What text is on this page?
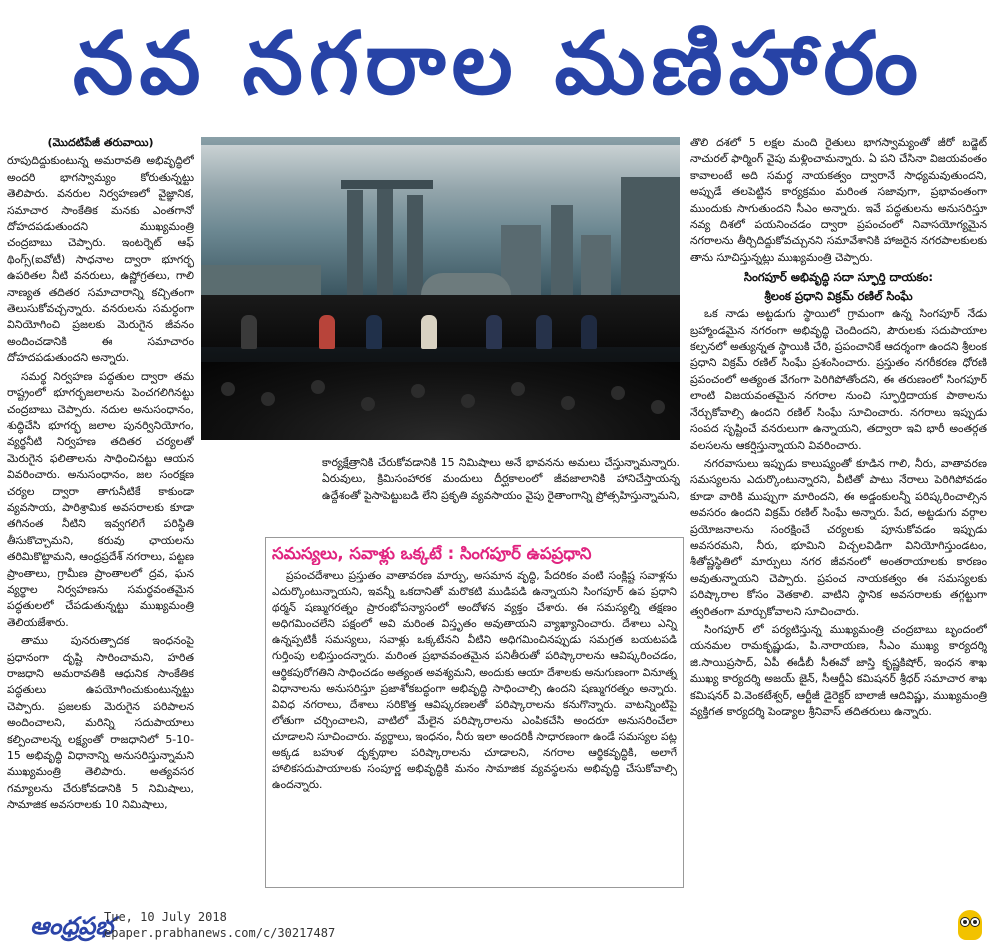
నవ నగరాల మణిహారం
(మొదటిపేజీ తరువాయి)

రూపుదిద్దుకుంటున్న అమరావతి అభివృద్ధిలో అందరి భాగస్వామ్యం కోరుతున్నట్టు తెలిపారు. వనరుల నిర్వహణలో వైజ్ఞానిక, సమాచార సాంకేతిక మనకు ఎంతగానో దోహదపడుతుందని ముఖ్యమంత్రి చంద్రబాబు చెప్పారు. ఇంటర్నెట్ ఆఫ్ థింగ్స్(ఐవోటీ) సాధనాల ద్వారా భూగర్భ ఉపరితల నీటి వనరులు, ఉష్ణోగ్రతలు, గాలి నాణ్యత తదితర సమాచారాన్ని కచ్చితంగా తెలుసుకోవచ్చన్నారు. వనరులను సమర్ధంగా వినియోగించి ప్రజలకు మెరుగైన జీవనం అందించడానికి ఈ సమాచారం దోహదపడుతుందని అన్నారు.

సమర్థ నిర్వహణ పద్ధతుల ద్వారా తమ రాష్ట్రంలో భూగర్భజలాలను పెంచగలిగినట్టు చంద్రబాబు చెప్పారు. నదుల అనుసంధానం, శుద్ధిచేసి భూగర్భ జలాల పునర్వినియోగం, వ్యర్థనీటి నిర్వహణ తదితర చర్యలతో మెరుగైన ఫలితాలను సాధించినట్టు ఆయన వివరించారు. అనుసంధానం, జల సంరక్షణ చర్యల ద్వారా తాగునీటికే కాకుండా వ్యవసాయ, పారిశ్రామిక అవసరాలకు కూడా తగినంత నీటిని ఇవ్వగలిగే పరిస్థితి తీసుకొచ్చామని, కరువు ఛాయలను తరిమికొట్టామని, ఆంధ్రప్రదేశ్ నగరాలు, పట్టణ ప్రాంతాలు, గ్రామీణ ప్రాంతాలలో ద్రవ, ఘన వ్యర్థాల నిర్వహణను సమర్థవంతమైన పద్ధతులలో చేపడుతున్నట్టు ముఖ్యమంత్రి తెలియజేశారు.

తాము పునరుత్పాదక ఇంధనంపై ప్రధానంగా దృష్టి సారించామని, హరిత రాజధాని అమరావతికి ఆధునిక సాంకేతిక పద్ధతులు ఉపయోగించుకుంటున్నట్టు చెప్పారు. ప్రజలకు మెరుగైన పరిపాలన అందించాలని, మరిన్ని సదుపాయాలు కల్పించాలన్న లక్ష్యంతో రాజధానిలో 5-10-15 అభివృద్ధి విధానాన్ని అనుసరిస్తున్నామని ముఖ్యమంత్రి తెలిపారు. అత్యవసర గమ్యాలను చేరుకోవడానికి 5 నిమిషాలు, సామాజిక అవసరాలకు 10 నిమిషాలు,

కార్యక్షేత్రానికి చేరుకోవడానికి 15 నిమిషాలు అనే భావనను అమలు చేస్తున్నామన్నారు. ఏరువులు, క్రిమిసంహారక మందులు దీర్ఘకాలంలో జీవజాలానికి హానిచేస్తాయన్న ఉద్దేశంతో పైసాపెట్టుబడి లేని ప్రకృతి వ్యవసాయం వైపు రైతాంగాన్ని ప్రోత్సహిస్తున్నామని,

సమస్యలు, సవాళ్లు ఒక్కటే : సింగపూర్ ఉపప్రధాని

ప్రపంచదేశాలు ప్రస్తుతం వాతావరణ మార్పు, అసమాన వృద్ధి, పేదరికం వంటి సంక్లిష్ట సవాళ్లను ఎదుర్కొంటున్నాయని, ఇవన్నీ ఒకదానితో మరొకటి ముడిపడి ఉన్నాయని సింగపూర్ ఉప ప్రధాని థర్మన్ షణ్ముగరత్నం ప్రారంభోపన్యాసంలో అందోళన వ్యక్తం చేశారు. ఈ సమస్యల్ని తక్షణం అధిగమించలేని పక్షంలో అవి మరింత విస్తృతం అవుతాయని వ్యాఖ్యానించారు. దేశాలు ఎన్ని ఉన్నప్పటికీ సమస్యలు, సవాళ్లు ఒక్కటేనని వీటిని అధిగమించినప్పుడు సమగ్రత బయటపడి గుర్తింపు లభిస్తుందన్నారు. మరింత ప్రభావవంతమైన పనితీరుతో పరిష్కారాలను ఆవిష్కరించడం, ఆర్థికపురోగతిని సాధించడం అత్యంత అవశ్యమని, అందుకు ఆయా దేశాలకు అనుగుణంగా వినూత్న విధానాలను అనుసరిస్తూ ప్రజాశోకబద్ధంగా అభివృద్ధి సాధించాల్సి ఉందని షణ్ముగరత్నం అన్నారు. వివిధ నగరాలు, దేశాలు సరికొత్త ఆవిష్కరణలతో పరిష్కారాలను కనుగొన్నారు. వాటన్నింటిపై లోతుగా చర్చించాలని, వాటిలో మేలైన పరిష్కారాలను ఎంపికచేసి అందరూ అనుసరించేలా చూడాలని సూచించారు. వ్యర్థాలు, ఇంధనం, నీరు ఇలా అందరికీ సాధారణంగా ఉండే సమస్యల పట్ల అక్కడ బహుళ దృక్పథాల పరిష్కారాలను చూడాలని, నగరాల ఆర్థికవృద్ధికి, అలాగే హాలికసదుపాయాలకు సంపూర్ణ అభివృద్ధికి మనం సామాజిక వ్యవస్థలను అభివృద్ధి చేసుకోవాల్సి ఉందన్నారు.

తొలి దశలో 5 లక్షల మంది రైతులు భాగస్వామ్యంతో జీరో బడ్జెట్ నాచురల్ ఫార్మింగ్ వైపు మళ్లించామన్నారు. ఏ పని చేసినా విజయవంతం కావాలంటే అది సమర్థ నాయకత్వం ద్వారానే సాధ్యమవుతుందని, అప్పుడే తలపెట్టిన కార్యక్రమం మరింత సజావుగా, ప్రభావంతంగా ముందుకు సాగుతుందని సీఎం అన్నారు. ఇవే పద్ధతులను అనుసరిస్తూ నవ్య దిశలో పయనించడం ద్వారా ప్రపంచంలో నివాసయోగ్యమైన నగరాలను తీర్చిదిద్దుకోవచ్చునని సమావేశానికి హాజరైన నగరపాలకులకు తాను సూచిస్తున్నట్లు ముఖ్యమంత్రి చెప్పారు.

సింగపూర్ అభివృద్ధి సదా స్ఫూర్తి దాయకం:
శ్రీలంక ప్రధాని విక్రమ్ రణిల్ సింఘే

ఒక నాడు అట్టడుగు స్థాయిలో గ్రామంగా ఉన్న సింగపూర్ నేడు బ్రహ్మాండమైన నగరంగా అభివృద్ధి చెందిందని, పౌరులకు సదుపాయాల కల్పనలో అత్యున్నత స్థాయికి చేరి, ప్రపంచానికే ఆదర్శంగా ఉందని శ్రీలంక ప్రధాని విక్రమ్ రణిల్ సింఘే ప్రశంసించారు. ప్రస్తుతం నగరీకరణ ధోరణి ప్రపంచంలో అత్యంత వేగంగా పెరిగిపోతోందని, ఈ తరుణంలో సింగపూర్ లాంటి విజయవంతమైన నగరాల నుంచి స్ఫూర్తిదాయక పాఠాలను నేర్చుకోవాల్సి ఉందని రణిల్ సింఘే సూచించారు. నగరాలు ఇప్పుడు సంపద సృష్టించే వనరులుగా ఉన్నాయని, తద్వారా ఇవి భారీ అంతర్గత వలసలను ఆకర్షిస్తున్నాయని వివరించారు.

నగరవాసులు ఇప్పుడు కాలుష్యంతో కూడిన గాలి, నీరు, వాతావరణ సమస్యలను ఎదుర్కొంటున్నారని, వీటితో పాటు నేరాలు పెరిగిపోవడం కూడా వారికి ముప్పుగా మారిందని, ఈ అడ్డంకులన్నీ పరిష్కరించాల్సిన అవసరం ఉందని విక్రమ్ రణిల్ సింఘే అన్నారు. పేద, అట్టడుగు వర్గాల ప్రయోజనాలను సంరక్షించే చర్యలకు పూనుకోవడం ఇప్పుడు అవసరమని, నీరు, భూమిని విచ్చలవిడిగా వినియోగిస్తుండటం, శీతోష్ణస్థితిలో మార్పులు నగర జీవనంలో అంతరాయాలకు కారణం అవుతున్నాయని చెప్పారు. ప్రపంచ నాయకత్వం ఈ సమస్యలకు పరిష్కారాల కోసం వెతకాలి. వాటిని స్థానిక అవసరాలకు తగ్గట్టుగా త్వరితంగా మార్చుకోవాలని సూచించారు.

సింగపూర్ లో పర్యటిస్తున్న ముఖ్యమంత్రి చంద్రబాబు బృందంలో యనమల రామకృష్ణుడు, పి.నారాయణ, సీఎం ముఖ్య కార్యదర్శి జి.సాయిప్రసాద్, ఏపీ ఈడీబీ సీఈవో జాస్తి కృష్ణకిషోర్, ఇంధన శాఖ ముఖ్య కార్యదర్శి అజయ్ జైన్, సీఆర్డీఏ కమిషనర్ శ్రీధర్ సమాచార శాఖ కమిషనర్ వి.వెంకటేశ్వర్, ఆర్టీజీ డైరెక్టర్ బాలాజీ ఆదివిష్ణు, ముఖ్యమంత్రి వ్యక్తిగత కార్యదర్శి పెండ్యాల శ్రీనివాస్ తదితరులు ఉన్నారు.

ఆంధ్రప్రభ
Tue, 10 July 2018
epaper.prabhanews.com/c/30217487
